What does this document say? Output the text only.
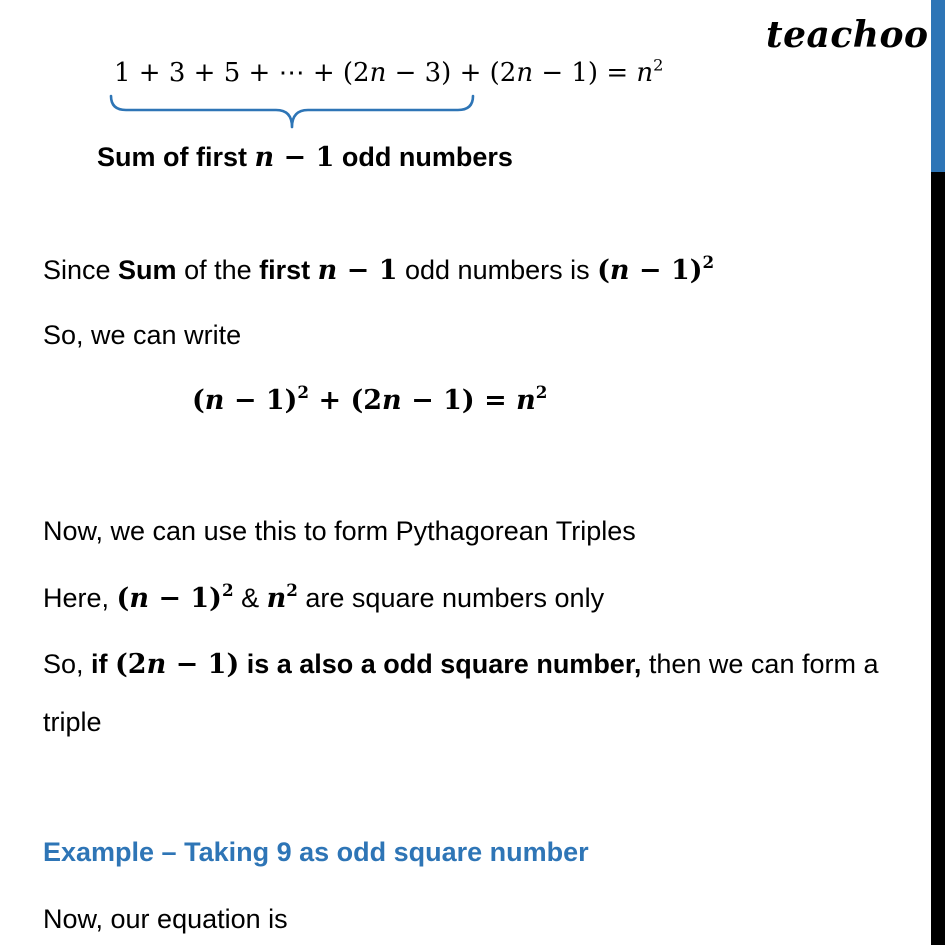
teachoo
1 + 3 + 5 + ⋯ + $(2n - 3) + (2n - 1) = n^2$
Sum of first n − 1 odd numbers
Since Sum of the first n − 1 odd numbers is $(n - 1)^2$
So, we can write
$(n - 1)^2 + (2n - 1) = n^2$
Now, we can use this to form Pythagorean Triples
Here, $(n - 1)^2$ & $n^2$ are square numbers only
So, if (2n − 1) is a also a odd square number, then we can form a
triple
Example – Taking 9 as odd square number
Now, our equation is
